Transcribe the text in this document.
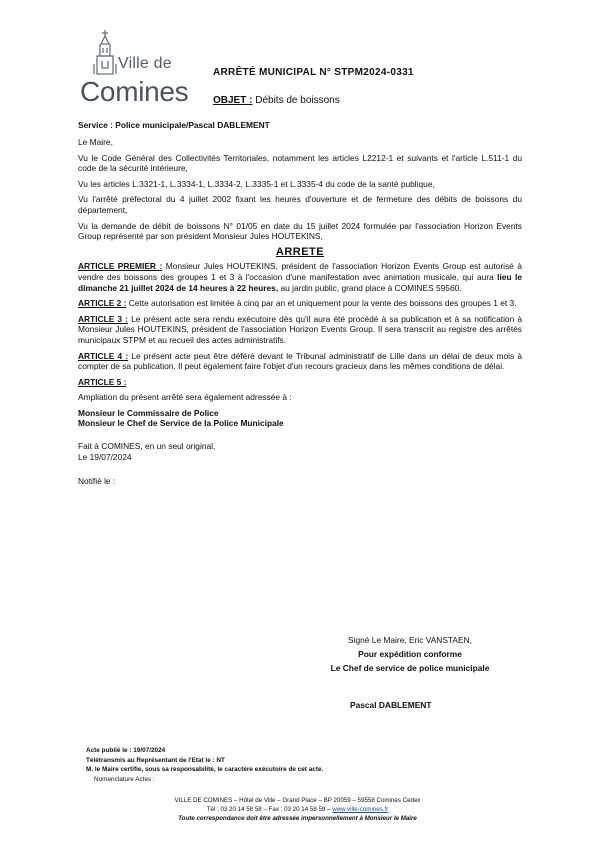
Ville de
Comines
ARRÊTÉ MUNICIPAL N° STPM2024-0331
OBJET : Débits de boissons
Service : Police municipale/Pascal DABLEMENT

Le Maire,

Vu le Code Général des Collectivités Territoriales, notamment les articles L2212-1 et suivants et l'article L.511-1 du code de la sécurité intérieure,

Vu les articles L.3321-1, L.3334-1, L.3334-2, L.3335-1 et L.3335-4 du code de la santé publique,

Vu l'arrêté préfectoral du 4 juillet 2002 fixant les heures d'ouverture et de fermeture des débits de boissons du département,

Vu la demande de débit de boissons N° 01/05 en date du 15 juillet 2024 formulée par l'association Horizon Events Group représenté par son président Monsieur Jules HOUTEKINS,

ARRETE

ARTICLE PREMIER : Monsieur Jules HOUTEKINS, président de l'association Horizon Events Group est autorisé à vendre des boissons des groupes 1 et 3 à l'occasion d'une manifestation avec animation musicale, qui aura lieu le dimanche 21 juillet 2024 de 14 heures à 22 heures, au jardin public, grand place à COMINES 59560.

ARTICLE 2 : Cette autorisation est limitée à cinq par an et uniquement pour la vente des boissons des groupes 1 et 3.

ARTICLE 3 : Le présent acte sera rendu exécutoire dès qu'il aura été procédé à sa publication et à sa notification à Monsieur Jules HOUTEKINS, président de l'association Horizon Events Group. Il sera transcrit au registre des arrêtés municipaux STPM et au recueil des actes administratifs.

ARTICLE 4 : Le présent acte peut être déféré devant le Tribunal administratif de Lille dans un délai de deux mois à compter de sa publication. Il peut également faire l'objet d'un recours gracieux dans les mêmes conditions de délai.

ARTICLE 5 :

Ampliation du présent arrêté sera également adressée à :

Monsieur le Commissaire de Police

Monsieur le Chef de Service de la Police Municipale

Fait à COMINES, en un seul original,

Le 19/07/2024

Notifié le :

Signé Le Maire, Eric VANSTAEN,
Pour expédition conforme
Le Chef de service de police municipale
Pascal DABLEMENT
Acte publié le : 19/07/2024
Télétransmis au Représentant de l'Etat le : NT
M. le Maire certifie, sous sa responsabilité, le caractère exécutoire de cet acte.
Nomenclature Actes :
VILLE DE COMINES – Hôtel de Ville – Grand Place – BP 20059 – 59558 Comines Cedex
Tél : 03 20 14 58 58 – Fax : 03 20 14 58 59 – www.ville-comines.fr
Toute correspondance doit être adressée impersonnellement à Monsieur le Maire
